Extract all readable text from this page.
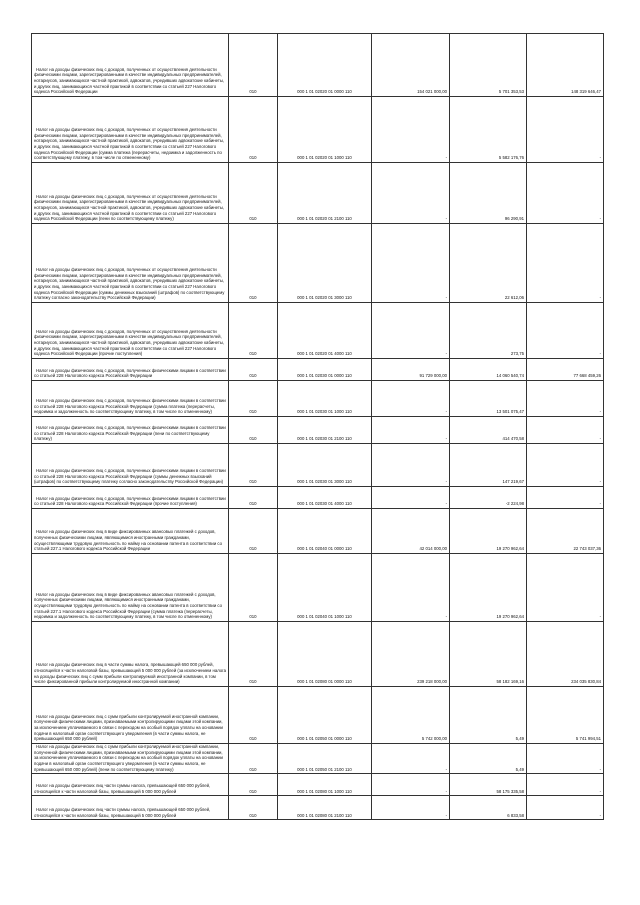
Налог на доходы физических лиц с доходов, полученных от осуществления деятельности физическими лицами, зарегистрированными в качестве индивидуальных предпринимателей, нотариусов, занимающихся частной практикой, адвокатов, учредивших адвокатские кабинеты, и других лиц, занимающихся частной практикой в соответствии со статьей 227 Налогового кодекса Российской Федерации	010	000 1 01 02020 01 0000 110	154 021 000,00	5 701 353,53	148 319 646,47

Налог на доходы физических лиц с доходов, полученных от осуществления деятельности физическими лицами, зарегистрированными в качестве индивидуальных предпринимателей, нотариусов, занимающихся частной практикой, адвокатов, учредивших адвокатские кабинеты, и других лиц, занимающихся частной практикой в соответствии со статьей 227 Налогового кодекса Российской Федерации (сумма платежа (перерасчеты, недоимка и задолженность по соответствующему платежу, в том числе по отмененному)	010	000 1 01 02020 01 1000 110	-	5 582 176,76	-

Налог на доходы физических лиц с доходов, полученных от осуществления деятельности физическими лицами, зарегистрированными в качестве индивидуальных предпринимателей, нотариусов, занимающихся частной практикой, адвокатов, учредивших адвокатские кабинеты, и других лиц, занимающихся частной практикой в соответствии со статьей 227 Налогового кодекса Российской Федерации (пени по соответствующему платежу)	010	000 1 01 02020 01 2100 110	-	96 290,91	-

Налог на доходы физических лиц с доходов, полученных от осуществления деятельности физическими лицами, зарегистрированными в качестве индивидуальных предпринимателей, нотариусов, занимающихся частной практикой, адвокатов, учредивших адвокатские кабинеты, и других лиц, занимающихся частной практикой в соответствии со статьей 227 Налогового кодекса Российской Федерации (суммы денежных взысканий (штрафов) по соответствующему платежу согласно законодательству Российской Федерации)	010	000 1 01 02020 01 3000 110	-	22 612,06	-

Налог на доходы физических лиц с доходов, полученных от осуществления деятельности физическими лицами, зарегистрированными в качестве индивидуальных предпринимателей, нотариусов, занимающихся частной практикой, адвокатов, учредивших адвокатские кабинеты, и других лиц, занимающихся частной практикой в соответствии со статьей 227 Налогового кодекса Российской Федерации (прочие поступления)	010	000 1 01 02020 01 4000 110	-	273,75	-

Налог на доходы физических лиц с доходов, полученных физическими лицами в соответствии со статьей 228 Налогового кодекса Российской Федерации	010	000 1 01 02030 01 0000 110	91 729 000,00	14 060 540,74	77 668 459,26

Налог на доходы физических лиц с доходов, полученных физическими лицами в соответствии со статьей 228 Налогового кодекса Российской Федерации (сумма платежа (перерасчеты, недоимка и задолженность по соответствующему платежу, в том числе по отмененному)	010	000 1 01 02030 01 1000 110	-	13 501 075,47	-

Налог на доходы физических лиц с доходов, полученных физическими лицами в соответствии со статьей 228 Налогового кодекса Российской Федерации (пени по соответствующему платежу)	010	000 1 01 02030 01 2100 110	-	414 470,58	-

Налог на доходы физических лиц с доходов, полученных физическими лицами в соответствии со статьей 228 Налогового кодекса Российской Федерации (суммы денежных взысканий (штрафов) по соответствующему платежу согласно законодательству Российской Федерации)	010	000 1 01 02030 01 3000 110	-	147 219,67	-

Налог на доходы физических лиц с доходов, полученных физическими лицами в соответствии со статьей 228 Налогового кодекса Российской Федерации (прочие поступления)	010	000 1 01 02030 01 4000 110	-	-2 224,98	-

Налог на доходы физических лиц в виде фиксированных авансовых платежей с доходов, полученных физическими лицами, являющимися иностранными гражданами, осуществляющими трудовую деятельность по найму на основании патента в соответствии со статьей 227.1 Налогового кодекса Российской Федерации	010	000 1 01 02040 01 0000 110	42 014 000,00	19 270 962,64	22 743 037,36

Налог на доходы физических лиц в виде фиксированных авансовых платежей с доходов, полученных физическими лицами, являющимися иностранными гражданами, осуществляющими трудовую деятельность по найму на основании патента в соответствии со статьей 227.1 Налогового кодекса Российской Федерации (сумма платежа (перерасчеты, недоимка и задолженность по соответствующему платежу, в том числе по отмененному)	010	000 1 01 02040 01 1000 110	-	19 270 962,64	-

Налог на доходы физических лиц в части суммы налога, превышающей 650 000 рублей, относящейся к части налоговой базы, превышающей 5 000 000 рублей (за исключением налога на доходы физических лиц с сумм прибыли контролируемой иностранной компании, в том числе фиксированной прибыли контролируемой иностранной компании)	010	000 1 01 02080 01 0000 110	239 218 000,00	58 182 169,16	234 035 830,84

Налог на доходы физических лиц с сумм прибыли контролируемой иностранной компании, полученной физическими лицами, признаваемыми контролирующими лицами этой компании, за исключением уплачиваемого в связи с переходом на особый порядок уплаты на основании подачи в налоговый орган соответствующего уведомления (в части суммы налога, не превышающей 650 000 рублей)	010	000 1 01 02050 01 0000 110	5 742 000,00	5,49	5 741 994,51

Налог на доходы физических лиц с сумм прибыли контролируемой иностранной компании, полученной физическими лицами, признаваемыми контролирующими лицами этой компании, за исключением уплачиваемого в связи с переходом на особый порядок уплаты на основании подачи в налоговый орган соответствующего уведомления (в части суммы налога, не превышающей 650 000 рублей) (пени по соответствующему платежу)	010	000 1 01 02050 01 2100 110	-	5,49	-

Налог на доходы физических лиц части суммы налога, превышающей 650 000 рублей, относящейся к части налоговой базы, превышающей 5 000 000 рублей	010	000 1 01 02080 01 1000 110	-	58 175 335,58	-

Налог на доходы физических лиц части суммы налога, превышающей 650 000 рублей, относящейся к части налоговой базы, превышающей 5 000 000 рублей	010	000 1 01 02080 01 2100 110	-	6 833,58	-
